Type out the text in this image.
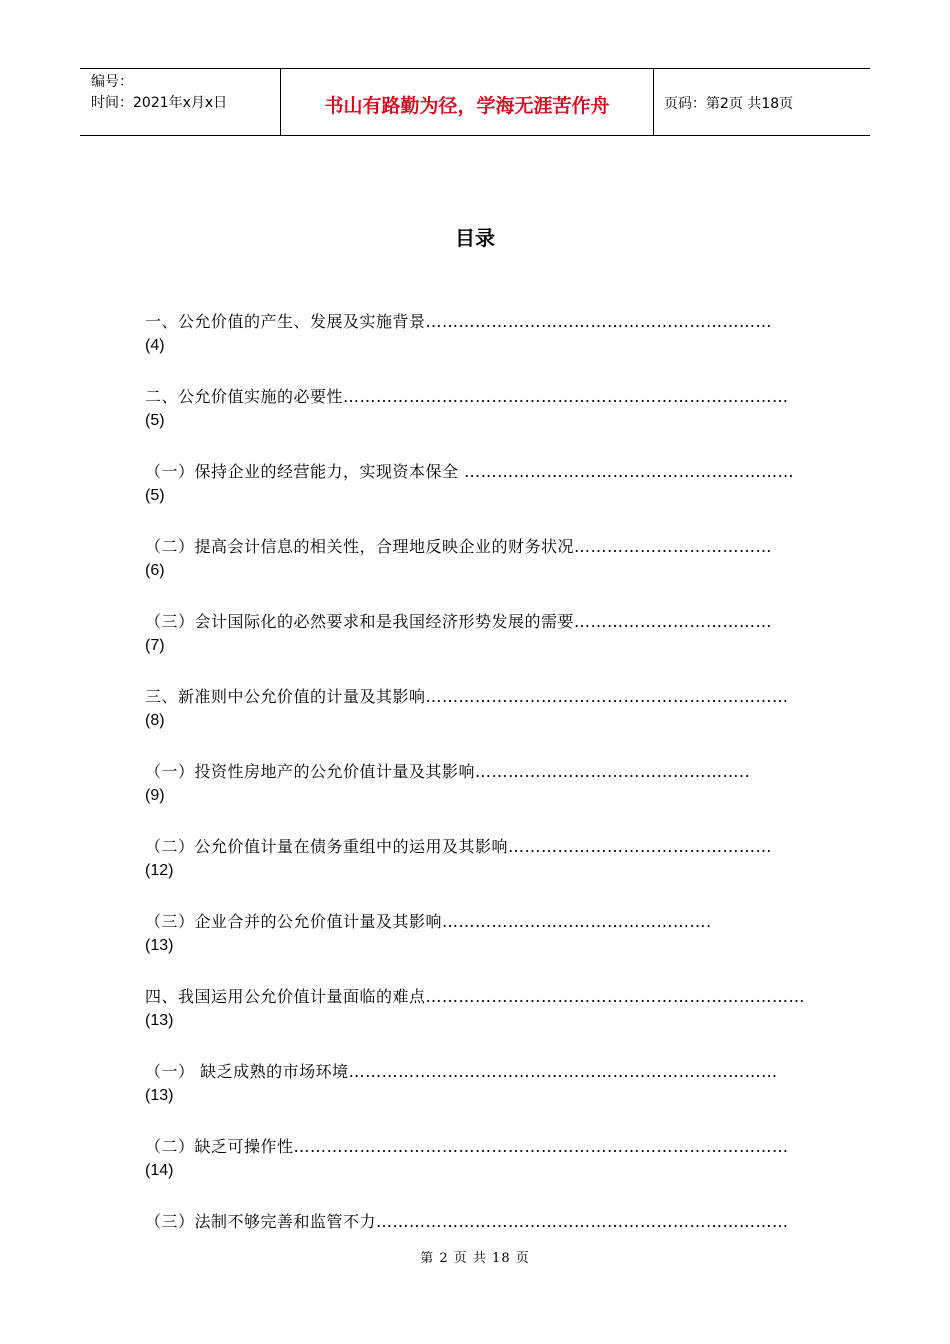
编号：
时间：2021年x月x日	书山有路勤为径，学海无涯苦作舟	页码：第2页 共18页
目录
一、公允价值的产生、发展及实施背景………………………………………………………
(4)
二、公允价值实施的必要性………………………………………………………………………
(5)
（一）保持企业的经营能力，实现资本保全 ……………………………………………………
(5)
（二）提高会计信息的相关性，合理地反映企业的财务状况………………………………
(6)
（三）会计国际化的必然要求和是我国经济形势发展的需要………………………………
(7)
三、新准则中公允价值的计量及其影响…………………………………………………………
(8)
（一）投资性房地产的公允价值计量及其影响…………………………………………..
(9)
（二）公允价值计量在债务重组中的运用及其影响…………………………………………
(12)
（三）企业合并的公允价值计量及其影响………………………………………….
(13)
四、我国运用公允价值计量面临的难点……………………………………………………………
(13)
（一） 缺乏成熟的市场环境……………………………………………………………………
(13)
（二）缺乏可操作性………………………………………………………………………………
(14)
（三）法制不够完善和监管不力…………………………………………………………………
第 2 页 共 18 页
